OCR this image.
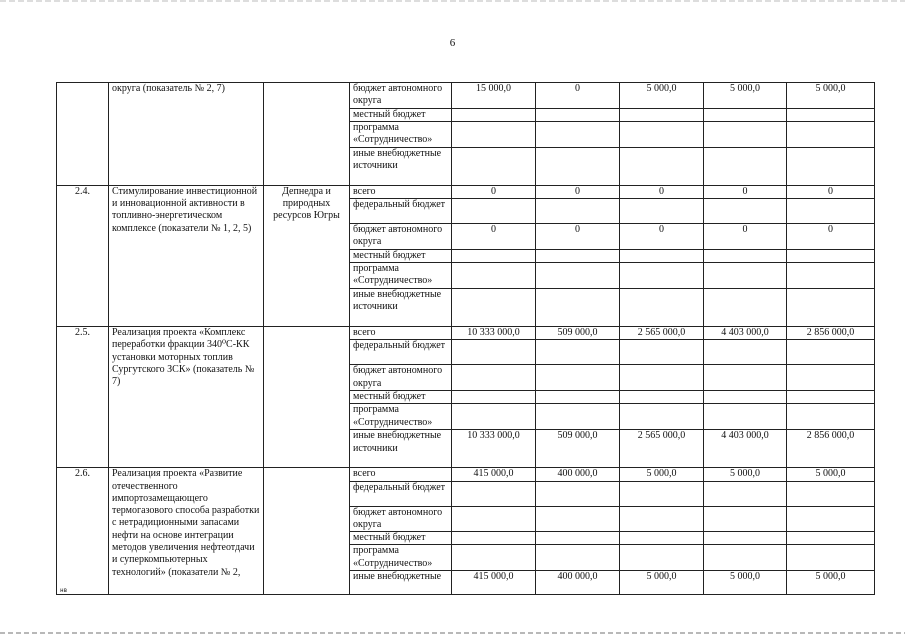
6
	округа (показатель № 2, 7)		бюджет автономного округа	15 000,0	0	5 000,0	5 000,0	5 000,0
			местный бюджет					
			программа «Сотрудничество»					
			иные внебюджетные источники					
2.4.	Стимулирование инвестиционной и инновационной активности в топливно-энергетическом комплексе (показатели № 1, 2, 5)	Депнедра и природных ресурсов Югры	всего	0	0	0	0	0
			федеральный бюджет					
			бюджет автономного округа	0	0	0	0	0
			местный бюджет					
			программа «Сотрудничество»					
			иные внебюджетные источники					
2.5.	Реализация проекта «Комплекс переработки фракции 340⁰С-КК установки моторных топлив Сургутского ЗСК» (показатель № 7)		всего	10 333 000,0	509 000,0	2 565 000,0	4 403 000,0	2 856 000,0
			федеральный бюджет					
			бюджет автономного округа					
			местный бюджет					
			программа «Сотрудничество»					
			иные внебюджетные источники	10 333 000,0	509 000,0	2 565 000,0	4 403 000,0	2 856 000,0
2.6.	Реализация проекта «Развитие отечественного импортозамещающего термогазового способа разработки с нетрадиционными запасами нефти на основе интеграции методов увеличения нефтеотдачи и суперкомпьютерных технологий» (показатели № 2,		всего	415 000,0	400 000,0	5 000,0	5 000,0	5 000,0
			федеральный бюджет					
			бюджет автономного округа					
			местный бюджет					
			программа «Сотрудничество»					
			иные внебюджетные	415 000,0	400 000,0	5 000,0	5 000,0	5 000,0
нв
